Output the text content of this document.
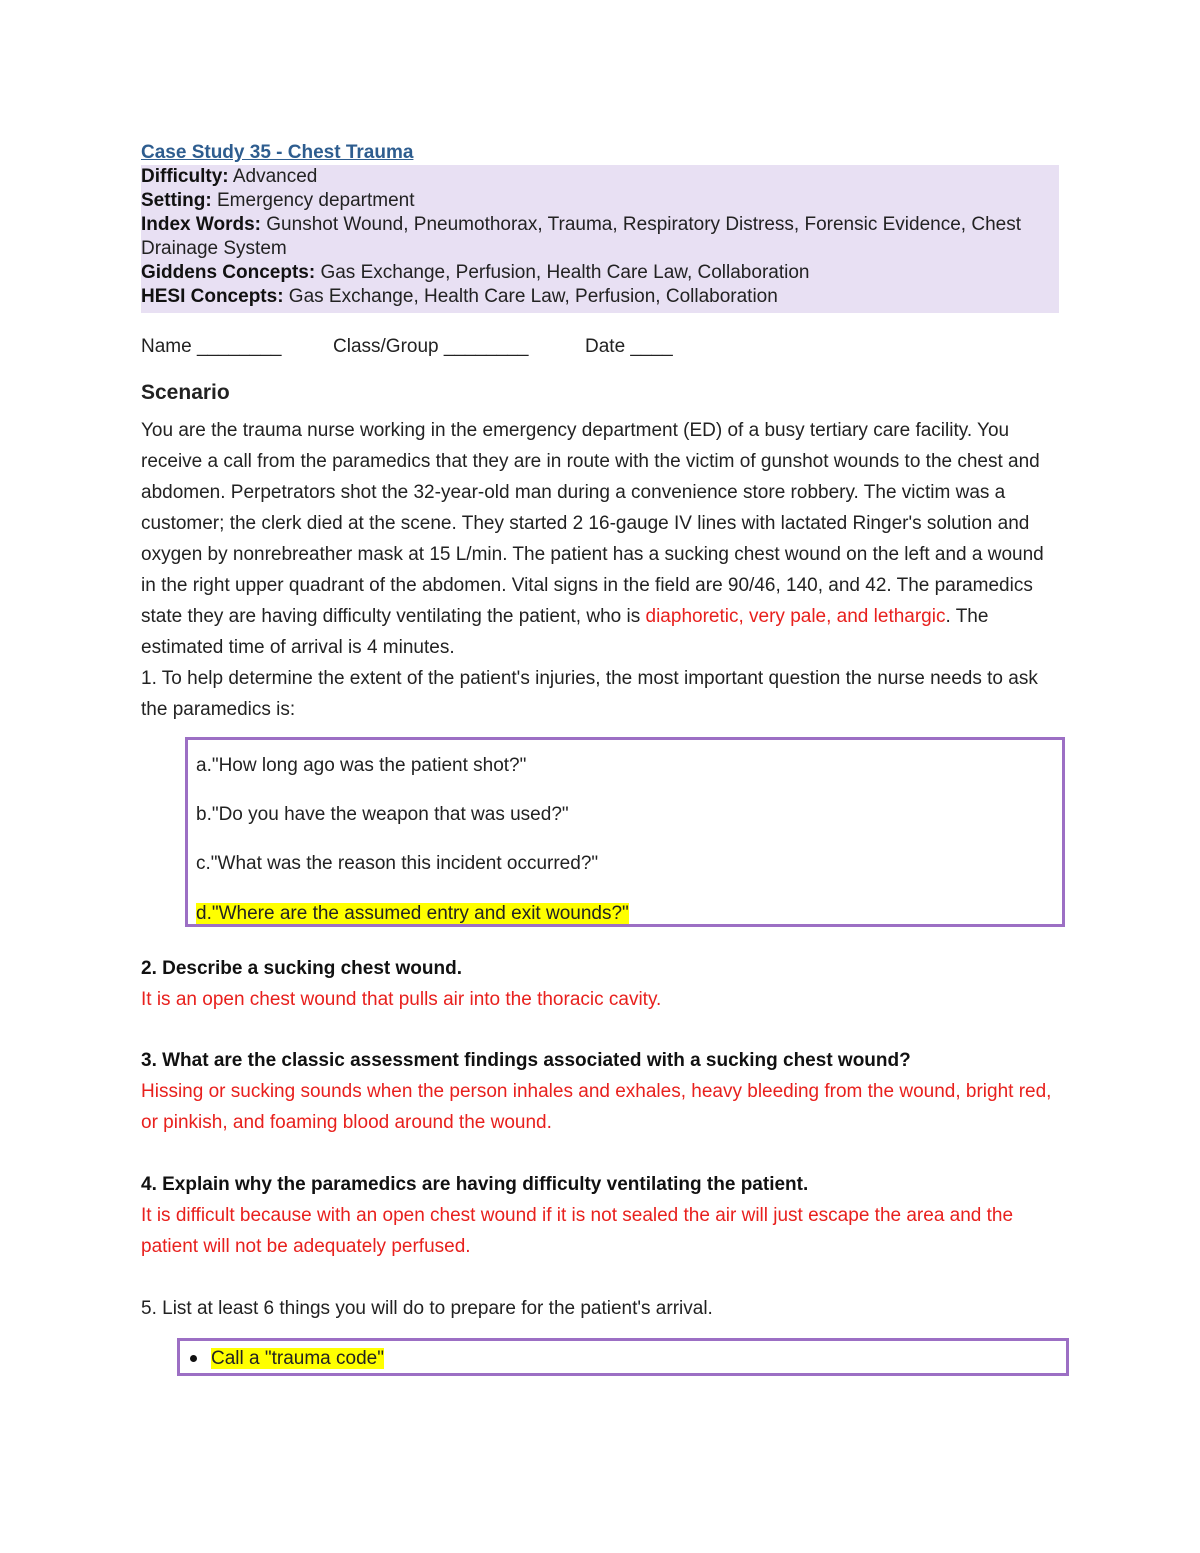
Case Study 35 - Chest Trauma
Difficulty: Advanced
Setting: Emergency department
Index Words: Gunshot Wound, Pneumothorax, Trauma, Respiratory Distress, Forensic Evidence, Chest Drainage System
Giddens Concepts: Gas Exchange, Perfusion, Health Care Law, Collaboration
HESI Concepts: Gas Exchange, Health Care Law, Perfusion, Collaboration
Name ________	Class/Group ________	Date ____
Scenario

You are the trauma nurse working in the emergency department (ED) of a busy tertiary care facility. You receive a call from the paramedics that they are in route with the victim of gunshot wounds to the chest and abdomen. Perpetrators shot the 32-year-old man during a convenience store robbery. The victim was a customer; the clerk died at the scene. They started 2 16-gauge IV lines with lactated Ringer's solution and oxygen by nonrebreather mask at 15 L/min. The patient has a sucking chest wound on the left and a wound in the right upper quadrant of the abdomen. Vital signs in the field are 90/46, 140, and 42. The paramedics state they are having difficulty ventilating the patient, who is diaphoretic, very pale, and lethargic. The estimated time of arrival is 4 minutes.

1. To help determine the extent of the patient's injuries, the most important question the nurse needs to ask the paramedics is:

a."How long ago was the patient shot?"
b."Do you have the weapon that was used?"
c."What was the reason this incident occurred?"
d."Where are the assumed entry and exit wounds?"
2. Describe a sucking chest wound.
It is an open chest wound that pulls air into the thoracic cavity.
3. What are the classic assessment findings associated with a sucking chest wound?
Hissing or sucking sounds when the person inhales and exhales, heavy bleeding from the wound, bright red, or pinkish, and foaming blood around the wound.
4. Explain why the paramedics are having difficulty ventilating the patient.
It is difficult because with an open chest wound if it is not sealed the air will just escape the area and the patient will not be adequately perfused.
5. List at least 6 things you will do to prepare for the patient's arrival.
Call a "trauma code"
